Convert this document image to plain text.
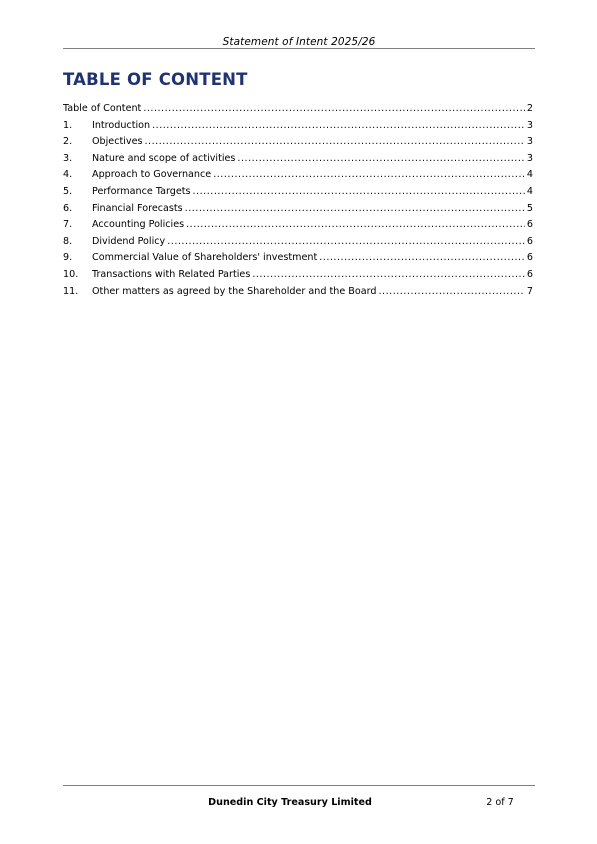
Statement of Intent 2025/26
TABLE OF CONTENT
Table of Content .....	2
1.	Introduction .....	3
2.	Objectives .....	3
3.	Nature and scope of activities .....	3
4.	Approach to Governance .....	4
5.	Performance Targets .....	4
6.	Financial Forecasts .....	5
7.	Accounting Policies .....	6
8.	Dividend Policy .....	6
9.	Commercial Value of Shareholders' investment .....	6
10.	Transactions with Related Parties .....	6
11.	Other matters as agreed by the Shareholder and the Board .....	7
Dunedin City Treasury Limited	2 of 7
